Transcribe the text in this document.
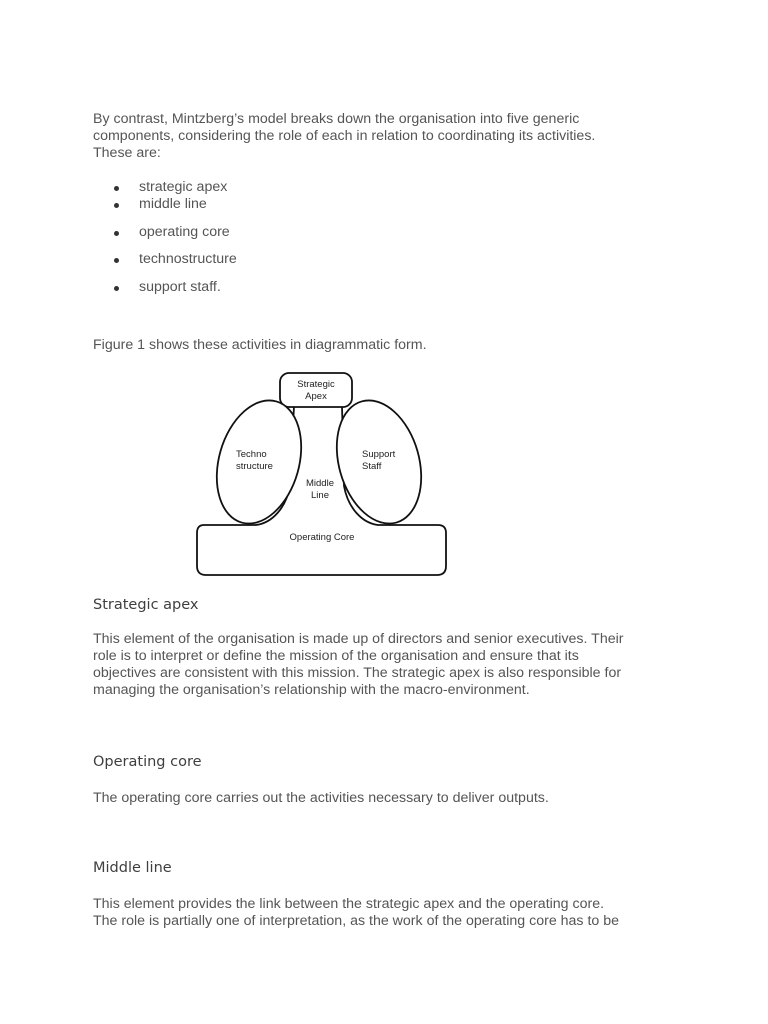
By contrast, Mintzberg’s model breaks down the organisation into five generic

components, considering the role of each in relation to coordinating its activities.

These are:

strategic apex
middle line
operating core
technostructure
support staff.

Figure 1 shows these activities in diagrammatic form.

Strategic
Apex
Techno
structure
Support
Staff
Middle
Line
Operating Core
Strategic apex

This element of the organisation is made up of directors and senior executives. Their

role is to interpret or define the mission of the organisation and ensure that its

objectives are consistent with this mission. The strategic apex is also responsible for

managing the organisation’s relationship with the macro-environment.

Operating core

The operating core carries out the activities necessary to deliver outputs.

Middle line

This element provides the link between the strategic apex and the operating core.

The role is partially one of interpretation, as the work of the operating core has to be
